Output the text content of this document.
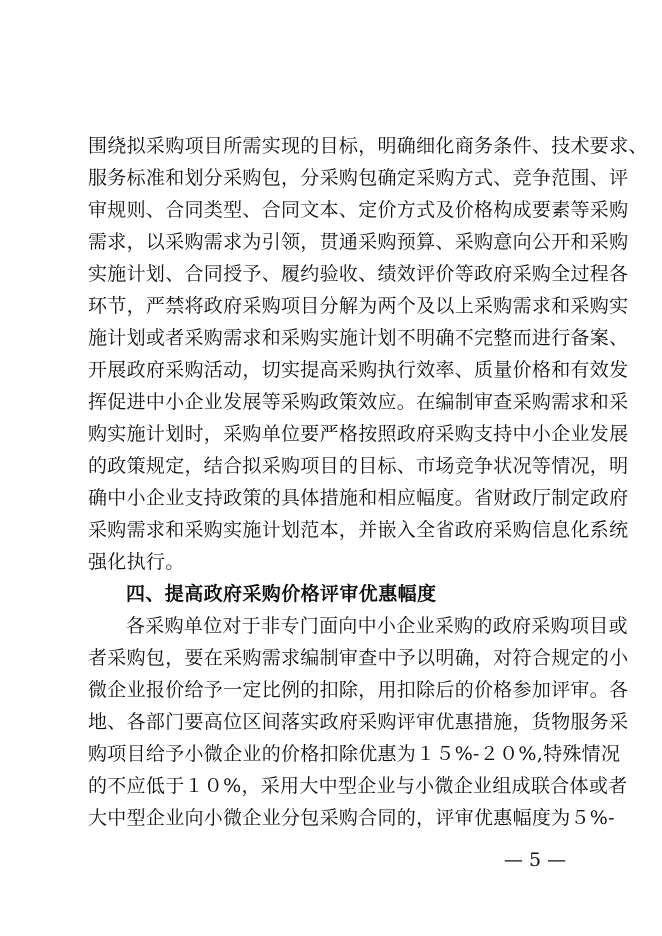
围绕拟采购项目所需实现的目标，明确细化商务条件、技术要求、
服务标准和划分采购包，分采购包确定采购方式、竞争范围、评
审规则、合同类型、合同文本、定价方式及价格构成要素等采购
需求，以采购需求为引领，贯通采购预算、采购意向公开和采购
实施计划、合同授予、履约验收、绩效评价等政府采购全过程各
环节，严禁将政府采购项目分解为两个及以上采购需求和采购实
施计划或者采购需求和采购实施计划不明确不完整而进行备案、
开展政府采购活动，切实提高采购执行效率、质量价格和有效发
挥促进中小企业发展等采购政策效应。在编制审查采购需求和采
购实施计划时，采购单位要严格按照政府采购支持中小企业发展
的政策规定，结合拟采购项目的目标、市场竞争状况等情况，明
确中小企业支持政策的具体措施和相应幅度。省财政厅制定政府
采购需求和采购实施计划范本，并嵌入全省政府采购信息化系统
强化执行。
四、提高政府采购价格评审优惠幅度
各采购单位对于非专门面向中小企业采购的政府采购项目或
者采购包，要在采购需求编制审查中予以明确，对符合规定的小
微企业报价给予一定比例的扣除，用扣除后的价格参加评审。各
地、各部门要高位区间落实政府采购评审优惠措施，货物服务采
购项目给予小微企业的价格扣除优惠为１５%-２０%,特殊情况
的不应低于１０%，采用大中型企业与小微企业组成联合体或者
大中型企业向小微企业分包采购合同的，评审优惠幅度为５%-
— 5 —
